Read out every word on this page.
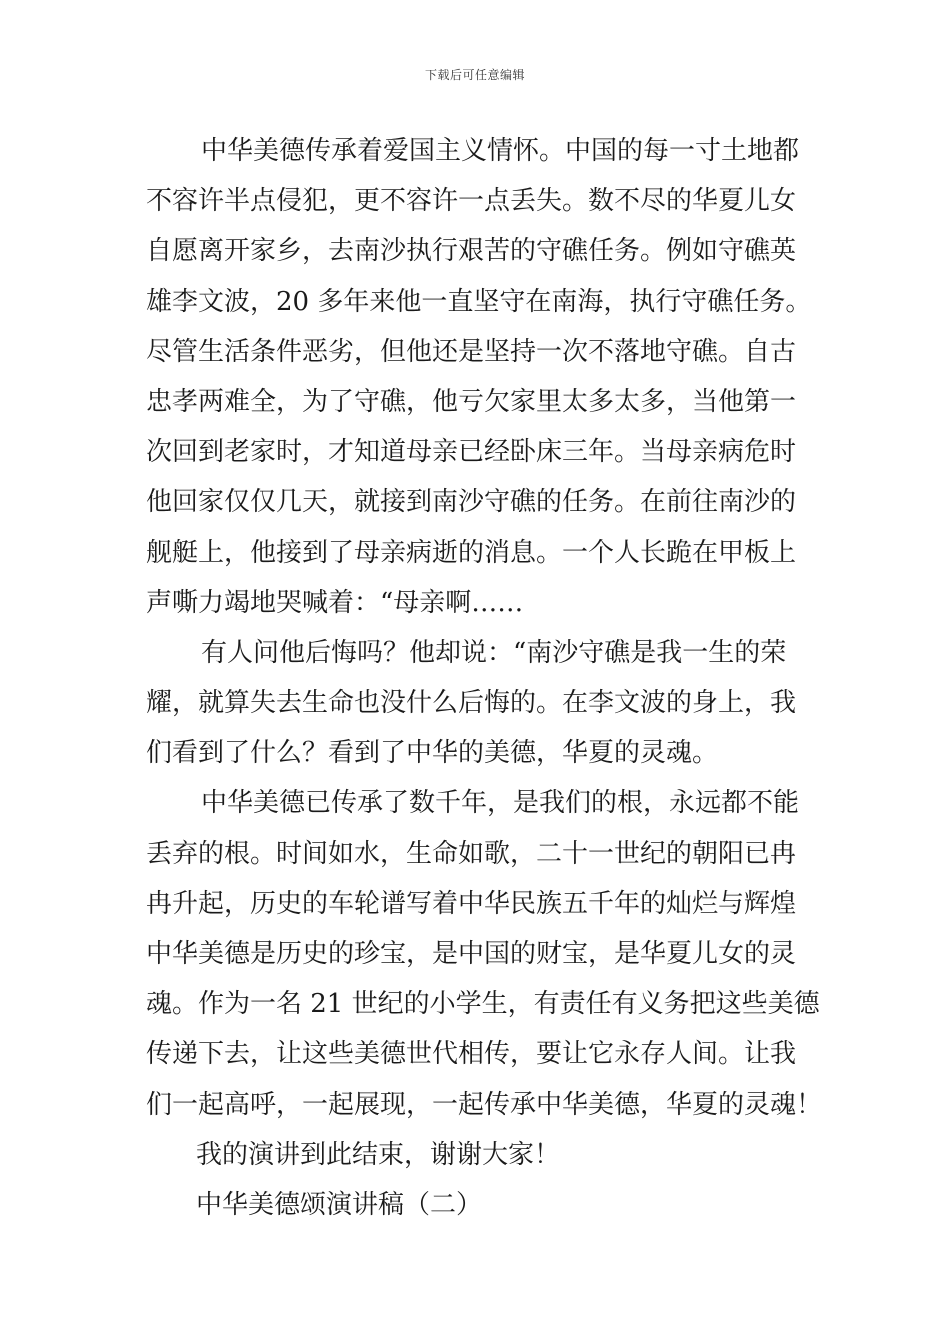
下载后可任意编辑
中华美德传承着爱国主义情怀。中国的每一寸土地都
不容许半点侵犯，更不容许一点丢失。数不尽的华夏儿女
自愿离开家乡，去南沙执行艰苦的守礁任务。例如守礁英
雄李文波，20 多年来他一直坚守在南海，执行守礁任务。
尽管生活条件恶劣，但他还是坚持一次不落地守礁。自古
忠孝两难全，为了守礁，他亏欠家里太多太多，当他第一
次回到老家时，才知道母亲已经卧床三年。当母亲病危时
他回家仅仅几天，就接到南沙守礁的任务。在前往南沙的
舰艇上，他接到了母亲病逝的消息。一个人长跪在甲板上
声嘶力竭地哭喊着：“母亲啊……
有人问他后悔吗？他却说：“南沙守礁是我一生的荣
耀，就算失去生命也没什么后悔的。在李文波的身上，我
们看到了什么？看到了中华的美德，华夏的灵魂。
中华美德已传承了数千年，是我们的根，永远都不能
丢弃的根。时间如水，生命如歌，二十一世纪的朝阳已冉
冉升起，历史的车轮谱写着中华民族五千年的灿烂与辉煌
中华美德是历史的珍宝，是中国的财宝，是华夏儿女的灵
魂。作为一名 21 世纪的小学生，有责任有义务把这些美德
传递下去，让这些美德世代相传，要让它永存人间。让我
们一起高呼，一起展现，一起传承中华美德，华夏的灵魂！
我的演讲到此结束，谢谢大家！
中华美德颂演讲稿（二）
